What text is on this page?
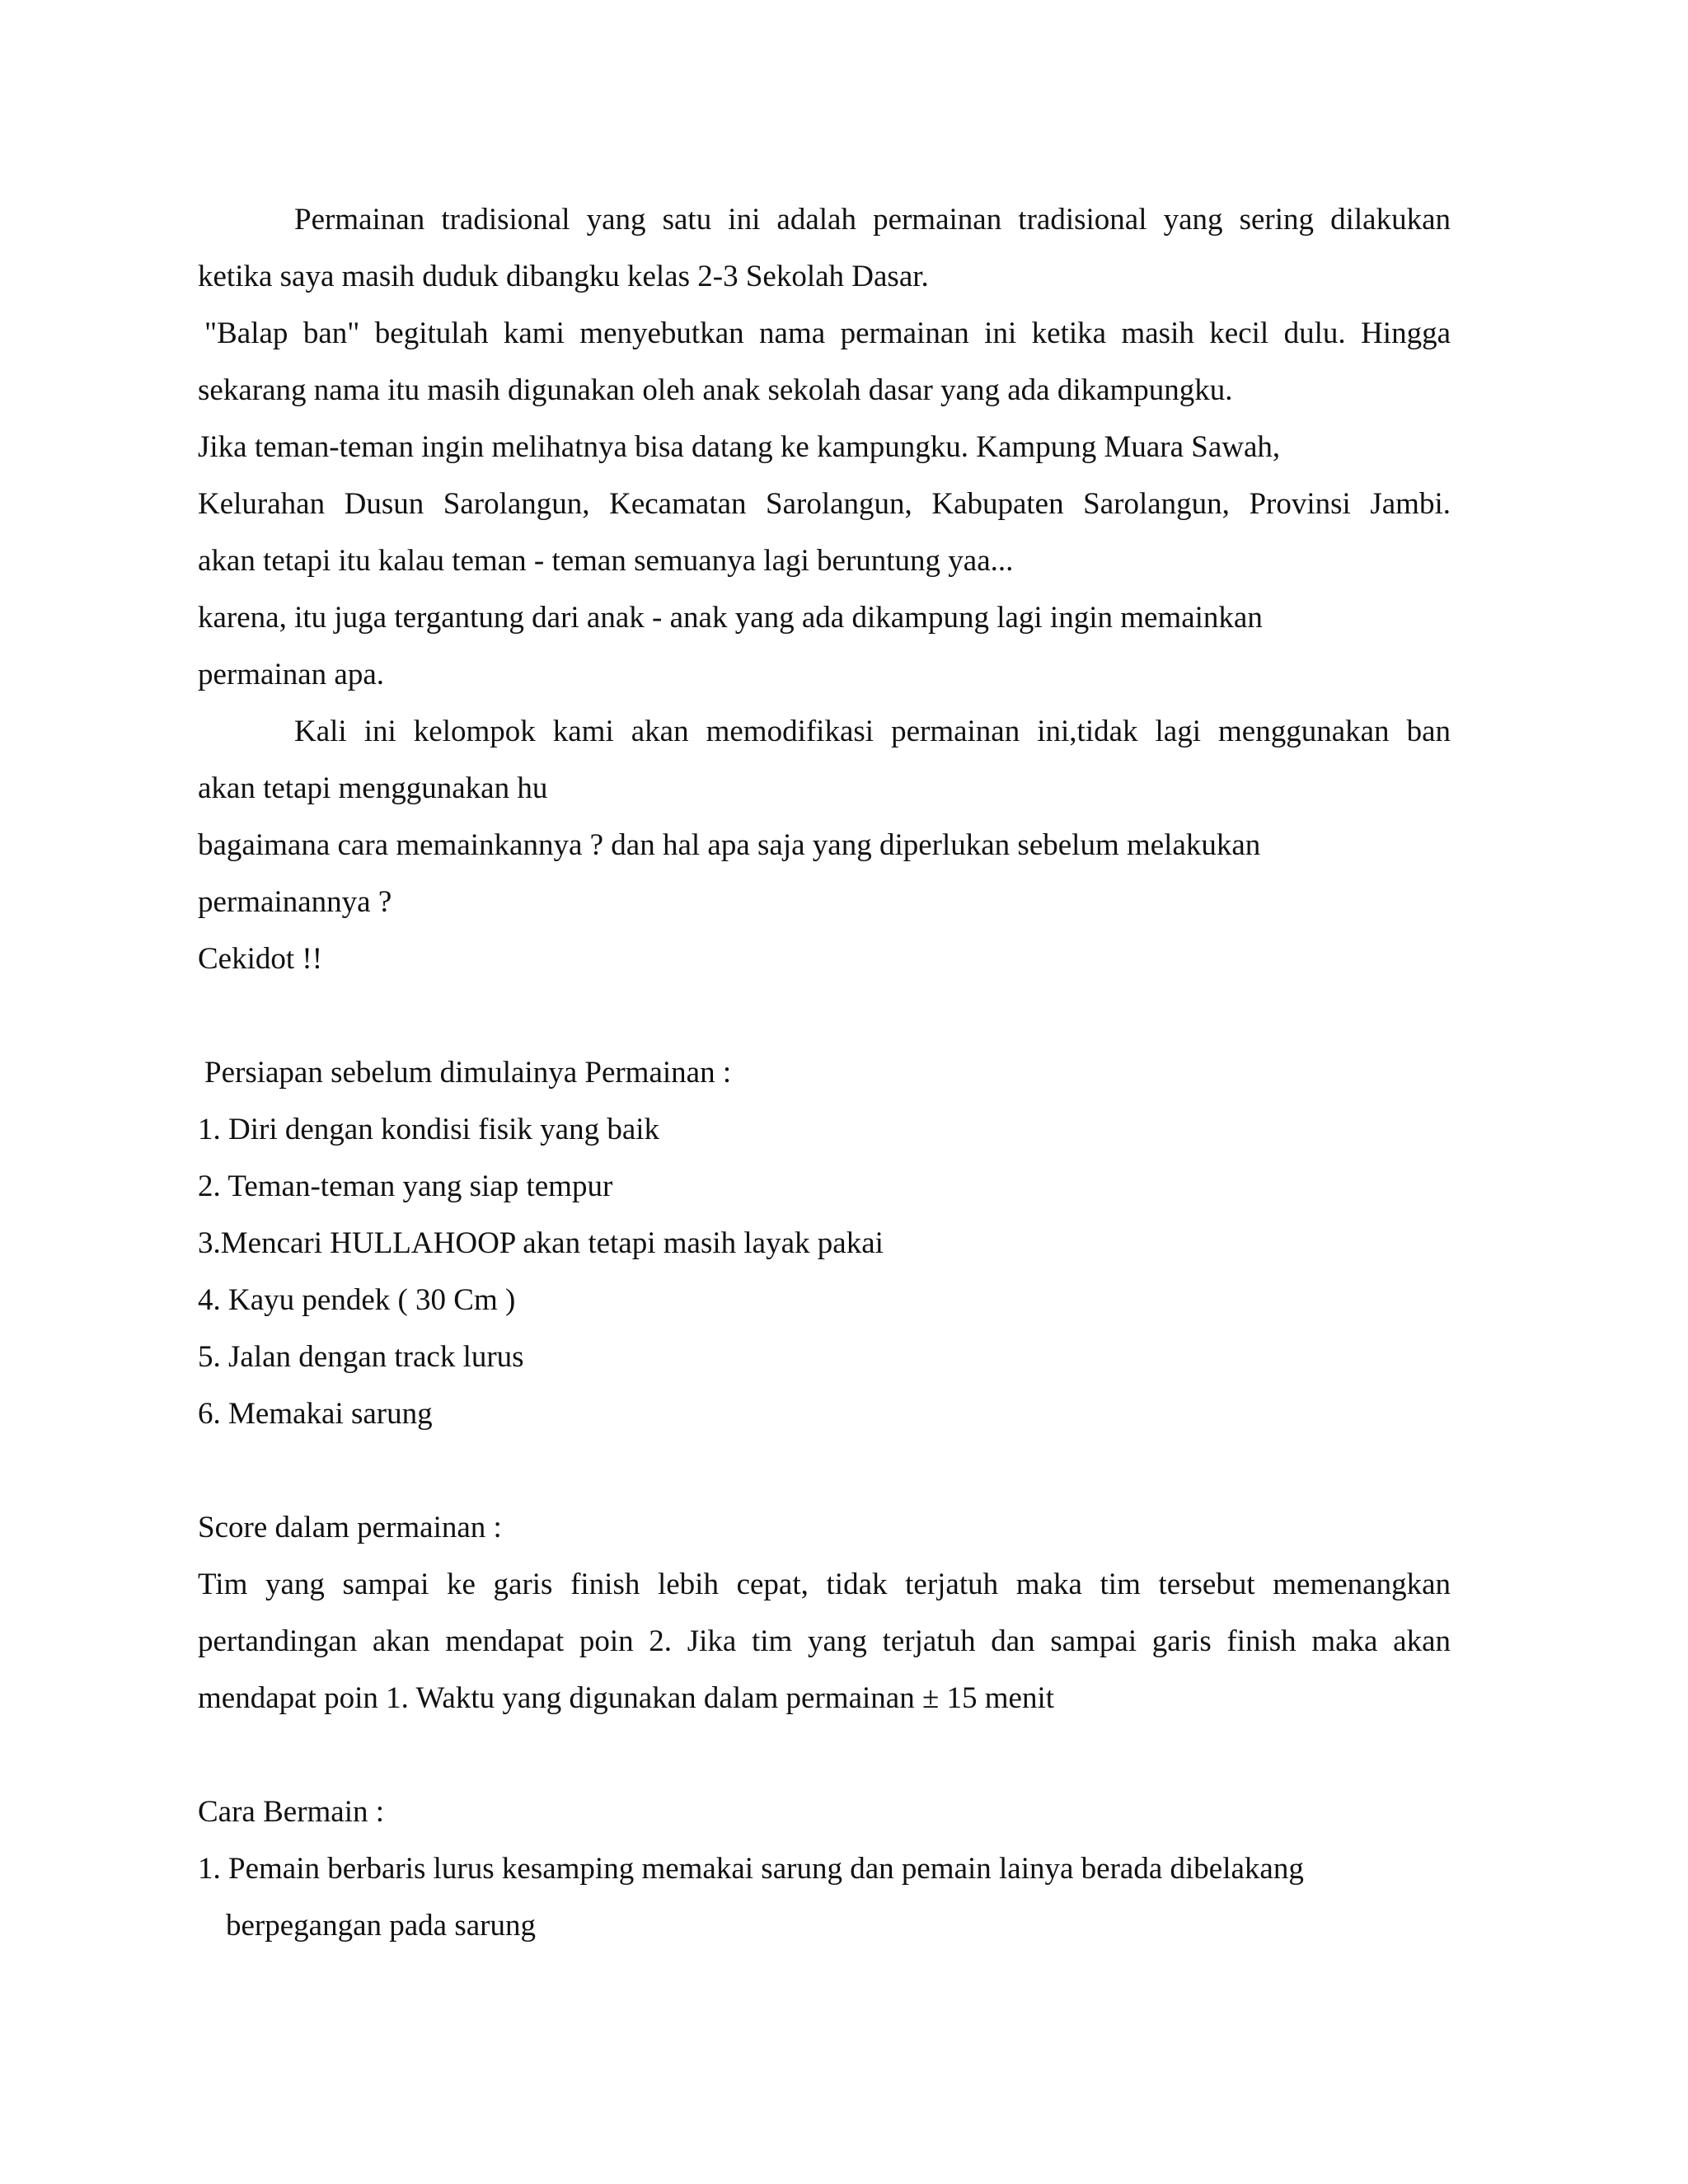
Permainan tradisional yang satu ini adalah permainan tradisional yang sering dilakukan
ketika saya masih duduk dibangku kelas 2-3 Sekolah Dasar.
"Balap ban" begitulah kami menyebutkan nama permainan ini ketika masih kecil dulu. Hingga
sekarang nama itu masih digunakan oleh anak sekolah dasar yang ada dikampungku.
Jika teman-teman ingin melihatnya bisa datang ke kampungku. Kampung Muara Sawah,
Kelurahan Dusun Sarolangun, Kecamatan Sarolangun, Kabupaten Sarolangun, Provinsi Jambi.
akan tetapi itu kalau teman - teman semuanya lagi beruntung yaa...
karena, itu juga tergantung dari anak - anak yang ada dikampung lagi ingin memainkan
permainan apa.
Kali ini kelompok kami akan memodifikasi permainan ini,tidak lagi menggunakan ban
akan tetapi menggunakan hu
bagaimana cara memainkannya ? dan hal apa saja yang diperlukan sebelum melakukan
permainannya ?
Cekidot !!
Persiapan sebelum dimulainya Permainan :
1. Diri dengan kondisi fisik yang baik
2. Teman-teman yang siap tempur
3.Mencari HULLAHOOP akan tetapi masih layak pakai
4. Kayu pendek ( 30 Cm )
5. Jalan dengan track lurus
6. Memakai sarung
Score dalam permainan :
Tim yang sampai ke garis finish lebih cepat, tidak terjatuh maka tim tersebut memenangkan
pertandingan akan mendapat poin 2. Jika tim yang terjatuh dan sampai garis finish maka akan
mendapat poin 1. Waktu yang digunakan dalam permainan ± 15 menit
Cara Bermain :
1. Pemain berbaris lurus kesamping memakai sarung dan pemain lainya berada dibelakang
berpegangan pada sarung
